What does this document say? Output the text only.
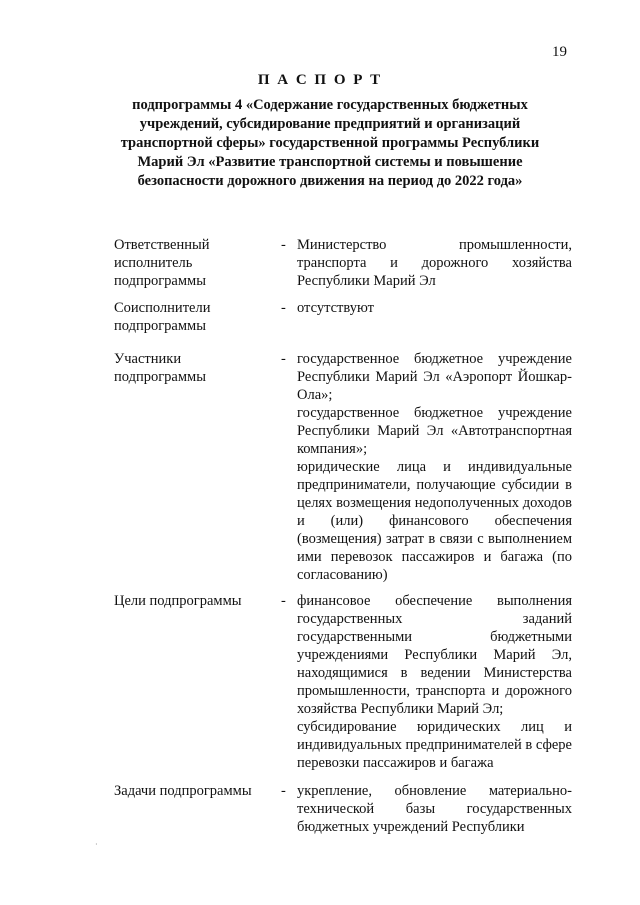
19
П А С П О Р Т
подпрограммы 4 «Содержание государственных бюджетных учреждений, субсидирование предприятий и организаций транспортной сферы» государственной программы Республики Марий Эл «Развитие транспортной системы и повышение безопасности дорожного движения на период до 2022 года»
Ответственный исполнитель подпрограммы
- Министерство промышленности, транспорта и дорожного хозяйства Республики Марий Эл

Соисполнители подпрограммы
- отсутствуют

Участники подпрограммы
- государственное бюджетное учреждение Республики Марий Эл «Аэропорт Йошкар-Ола»;

государственное бюджетное учреждение Республики Марий Эл «Автотранспортная компания»;

юридические лица и индивидуальные предприниматели, получающие субсидии в целях возмещения недополученных доходов и (или) финансового обеспечения (возмещения) затрат в связи с выполнением ими перевозок пассажиров и багажа (по согласованию)

Цели подпрограммы	- финансовое обеспечение выполнения государственных заданий государственными бюджетными учреждениями Республики Марий Эл, находящимися в ведении Министерства промышленности, транспорта и дорожного хозяйства Республики Марий Эл;

субсидирование юридических лиц и индивидуальных предпринимателей в сфере перевозки пассажиров и багажа

Задачи подпрограммы	- укрепление, обновление материально-технической базы государственных бюджетных учреждений Республики

·
